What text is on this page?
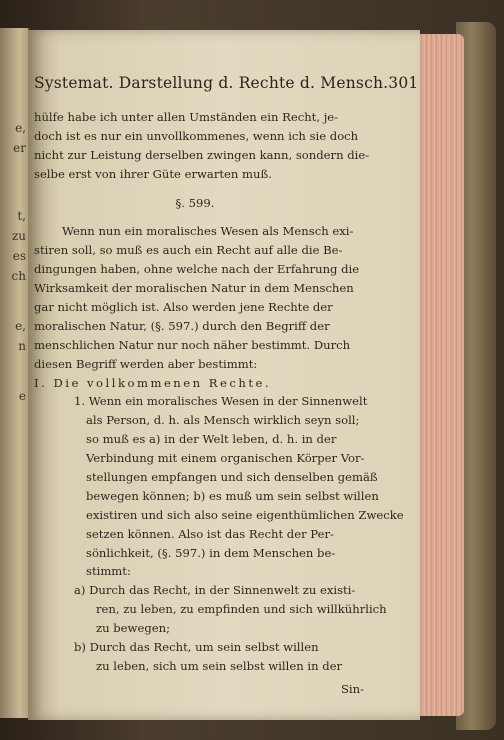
e,
er
t,
zu
es
ch
e,
n
e
Systemat. Darstellung d. Rechte d. Mensch. 301
hülfe habe ich unter allen Umständen ein Recht, je-
doch ist es nur ein unvollkommenes, wenn ich sie doch
nicht zur Leistung derselben zwingen kann, sondern die-
selbe erst von ihrer Güte erwarten muß.
§. 599.
Wenn nun ein moralisches Wesen als Mensch exi-
stiren soll, so muß es auch ein Recht auf alle die Be-
dingungen haben, ohne welche nach der Erfahrung die
Wirksamkeit der moralischen Natur in dem Menschen
gar nicht möglich ist. Also werden jene Rechte der
moralischen Natur, (§. 597.) durch den Begriff der
menschlichen Natur nur noch näher bestimmt. Durch
diesen Begriff werden aber bestimmt:
I. Die vollkommenen Rechte.
1. Wenn ein moralisches Wesen in der Sinnenwelt
als Person, d. h. als Mensch wirklich seyn soll;
so muß es a) in der Welt leben, d. h. in der
Verbindung mit einem organischen Körper Vor-
stellungen empfangen und sich denselben gemäß
bewegen können; b) es muß um sein selbst willen
existiren und sich also seine eigenthümlichen Zwecke
setzen können. Also ist das Recht der Per-
sönlichkeit, (§. 597.) in dem Menschen be-
stimmt:
a) Durch das Recht, in der Sinnenwelt zu existi-
ren, zu leben, zu empfinden und sich willkührlich
zu bewegen;
b) Durch das Recht, um sein selbst willen
zu leben, sich um sein selbst willen in der
Sin-
